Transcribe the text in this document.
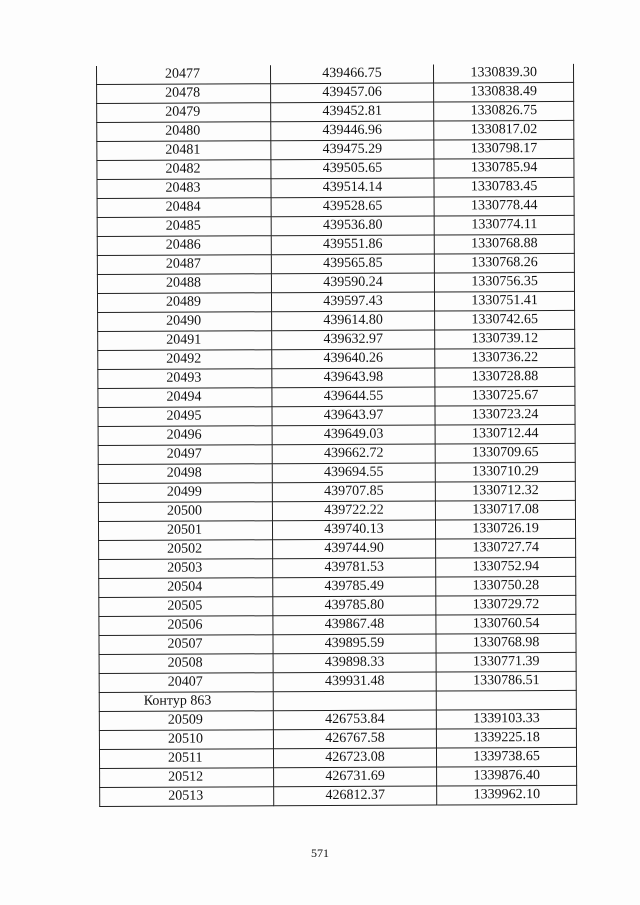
20477	439466.75	1330839.30
20478	439457.06	1330838.49
20479	439452.81	1330826.75
20480	439446.96	1330817.02
20481	439475.29	1330798.17
20482	439505.65	1330785.94
20483	439514.14	1330783.45
20484	439528.65	1330778.44
20485	439536.80	1330774.11
20486	439551.86	1330768.88
20487	439565.85	1330768.26
20488	439590.24	1330756.35
20489	439597.43	1330751.41
20490	439614.80	1330742.65
20491	439632.97	1330739.12
20492	439640.26	1330736.22
20493	439643.98	1330728.88
20494	439644.55	1330725.67
20495	439643.97	1330723.24
20496	439649.03	1330712.44
20497	439662.72	1330709.65
20498	439694.55	1330710.29
20499	439707.85	1330712.32
20500	439722.22	1330717.08
20501	439740.13	1330726.19
20502	439744.90	1330727.74
20503	439781.53	1330752.94
20504	439785.49	1330750.28
20505	439785.80	1330729.72
20506	439867.48	1330760.54
20507	439895.59	1330768.98
20508	439898.33	1330771.39
20407	439931.48	1330786.51
Контур 863		
20509	426753.84	1339103.33
20510	426767.58	1339225.18
20511	426723.08	1339738.65
20512	426731.69	1339876.40
20513	426812.37	1339962.10
571
